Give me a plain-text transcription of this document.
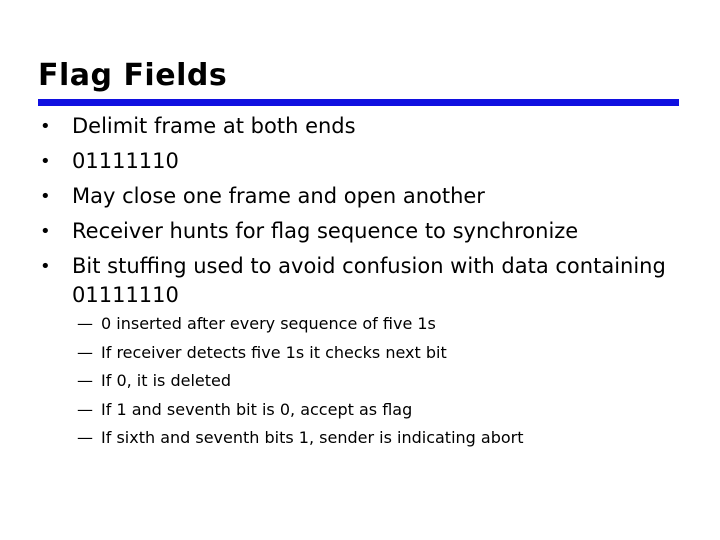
Flag Fields
•	Delimit frame at both ends
•	01111110
•	May close one frame and open another
•	Receiver hunts for flag sequence to synchronize
•	Bit stuffing used to avoid confusion with data containing 01111110
— 0 inserted after every sequence of five 1s
— If receiver detects five 1s it checks next bit
— If 0, it is deleted
— If 1 and seventh bit is 0, accept as flag
— If sixth and seventh bits 1, sender is indicating abort
